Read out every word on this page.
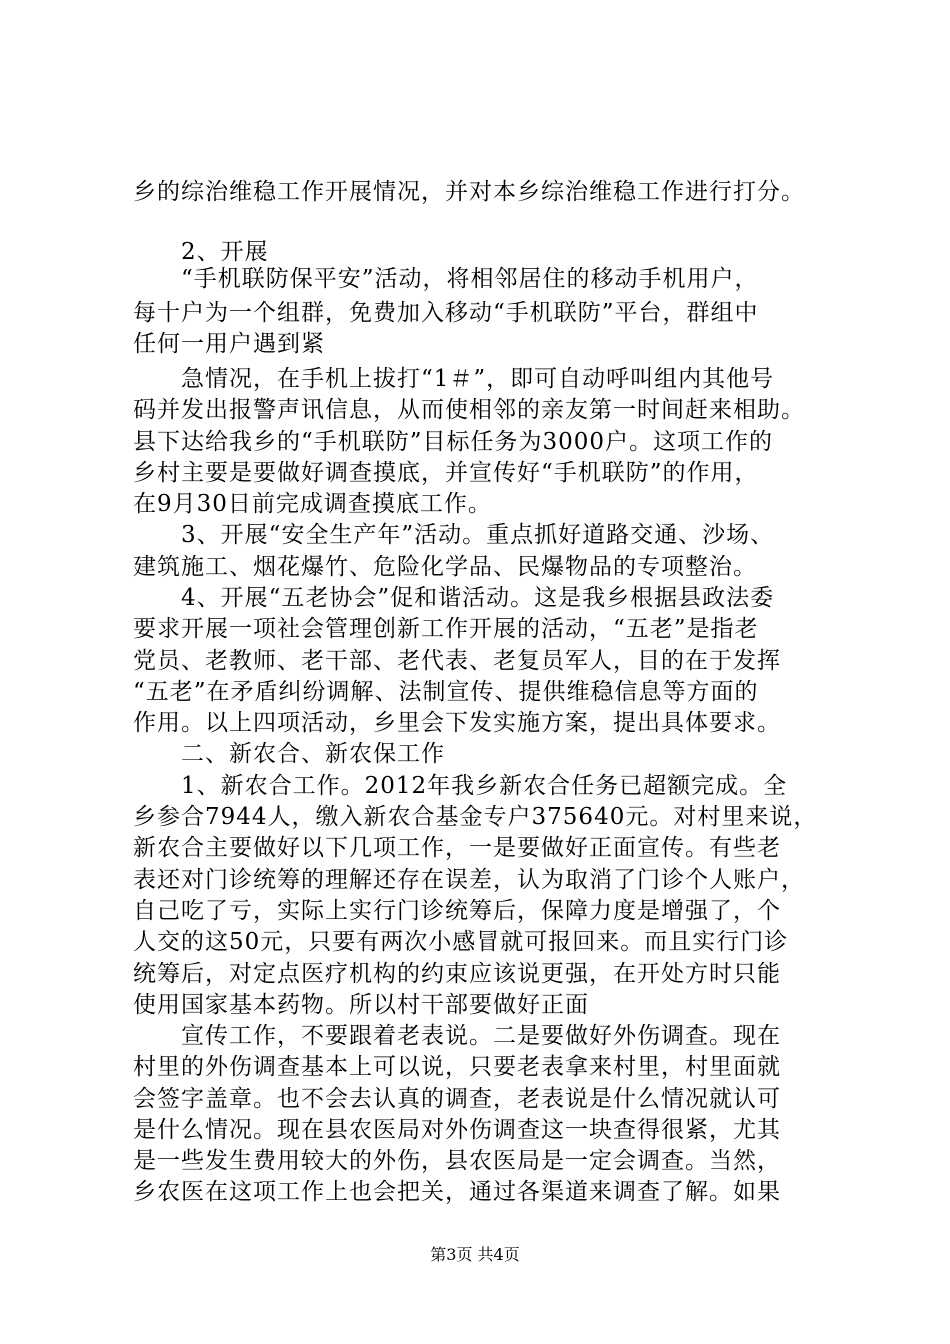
乡的综治维稳工作开展情况，并对本乡综治维稳工作进行打分。
　　2、开展
　　“手机联防保平安”活动，将相邻居住的移动手机用户，
每十户为一个组群，免费加入移动“手机联防”平台，群组中
任何一用户遇到紧
　　急情况，在手机上拔打“1＃”，即可自动呼叫组内其他号
码并发出报警声讯信息，从而使相邻的亲友第一时间赶来相助。
县下达给我乡的“手机联防”目标任务为3000户。这项工作的
乡村主要是要做好调查摸底，并宣传好“手机联防”的作用，
在9月30日前完成调查摸底工作。
　　3、开展“安全生产年”活动。重点抓好道路交通、沙场、
建筑施工、烟花爆竹、危险化学品、民爆物品的专项整治。
　　4、开展“五老协会”促和谐活动。这是我乡根据县政法委
要求开展一项社会管理创新工作开展的活动，“五老”是指老
党员、老教师、老干部、老代表、老复员军人，目的在于发挥
“五老”在矛盾纠纷调解、法制宣传、提供维稳信息等方面的
作用。以上四项活动，乡里会下发实施方案，提出具体要求。
　　二、新农合、新农保工作
　　1、新农合工作。2012年我乡新农合任务已超额完成。全
乡参合7944人，缴入新农合基金专户375640元。对村里来说，
新农合主要做好以下几项工作，一是要做好正面宣传。有些老
表还对门诊统筹的理解还存在误差，认为取消了门诊个人账户，
自己吃了亏，实际上实行门诊统筹后，保障力度是增强了，个
人交的这50元，只要有两次小感冒就可报回来。而且实行门诊
统筹后，对定点医疗机构的约束应该说更强，在开处方时只能
使用国家基本药物。所以村干部要做好正面
　　宣传工作，不要跟着老表说。二是要做好外伤调查。现在
村里的外伤调查基本上可以说，只要老表拿来村里，村里面就
会签字盖章。也不会去认真的调查，老表说是什么情况就认可
是什么情况。现在县农医局对外伤调查这一块查得很紧，尤其
是一些发生费用较大的外伤，县农医局是一定会调查。当然，
乡农医在这项工作上也会把关，通过各渠道来调查了解。如果
第3页 共4页
